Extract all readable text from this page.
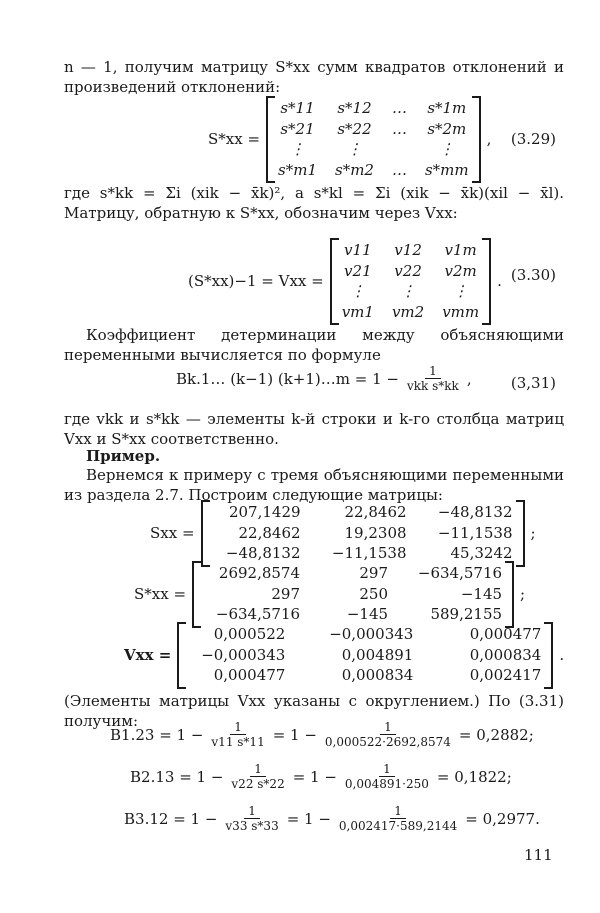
n — 1, получим матрицу S*xx сумм квадратов отклонений и произведений отклонений:
S*xx =
s*11 s*12 … s*1m
s*21 s*22 … s*2m
⋮	⋮	⋮
s*m1 s*m2 … s*mm
, (3.29)
где s*kk = Σi (xik − x̄k)², а s*kl = Σi (xik − x̄k)(xil − x̄l). Матрицу, обратную к S*xx, обозначим через Vxx:
(S*xx)−1 = Vxx =
v11 v12 v1m
v21 v22 v2m
⋮	⋮	⋮
vm1 vm2 vmm
. (3.30)
Коэффициент детерминации между объясняющими переменными вычисляется по формуле
Bk.1… (k−1) (k+1)…m = $1 - \frac{1}{\text{vkk s*kk}}$ ,	(3,31)
где vkk и s*kk — элементы k-й строки и k-го столбца матриц Vxx и S*xx соответственно.
Пример.
Вернемся к примеру с тремя объясняющими переменными из раздела 2.7. Построим следующие матрицы:
Sxx =
207,1429	22,8462	−48,8132
22,8462	19,2308	−11,1538
−48,8132	−11,1538	45,3242
;
S*xx =
2692,8574	297	−634,5716
297	250	−145
−634,5716	−145	589,2155
;
Vxx =
0,000522	−0,000343	0,000477
−0,000343	0,004891	0,000834
0,000477	0,000834	0,002417
.
(Элементы матрицы Vxx указаны с округлением.) По (3.31) получим:
$B1.23 = 1 - \frac{1}{v11 s*11} = 1 - \frac{1}{0,000522\cdot 2692,8574} = 0,2882$;
$B2.13 = 1 - \frac{1}{v22 s*22} = 1 - \frac{1}{0,004891\cdot 250} = 0,1822$;
$B3.12 = 1 - \frac{1}{v33 s*33} = 1 - \frac{1}{0,002417\cdot 589,2144} = 0,2977$.
111
